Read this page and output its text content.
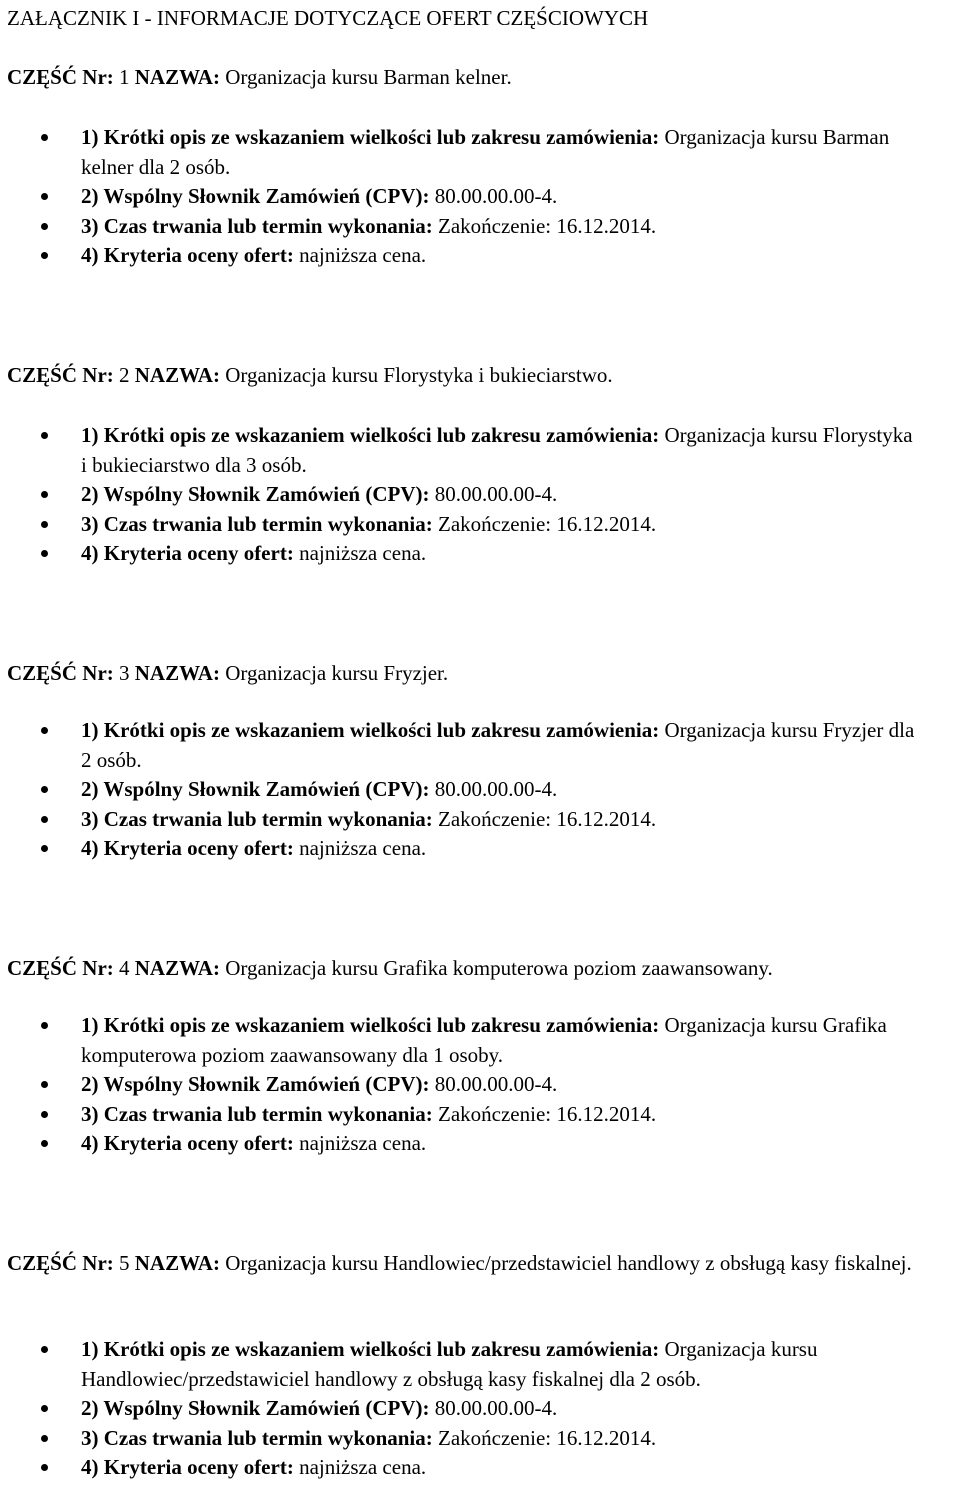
ZAŁĄCZNIK I - INFORMACJE DOTYCZĄCE OFERT CZĘŚCIOWYCH
CZĘŚĆ Nr: 1 NAZWA: Organizacja kursu Barman kelner.
1) Krótki opis ze wskazaniem wielkości lub zakresu zamówienia: Organizacja kursu Barman kelner dla 2 osób.
2) Wspólny Słownik Zamówień (CPV): 80.00.00.00-4.
3) Czas trwania lub termin wykonania: Zakończenie: 16.12.2014.
4) Kryteria oceny ofert: najniższa cena.
CZĘŚĆ Nr: 2 NAZWA: Organizacja kursu Florystyka i bukieciarstwo.
1) Krótki opis ze wskazaniem wielkości lub zakresu zamówienia: Organizacja kursu Florystyka i bukieciarstwo dla 3 osób.
2) Wspólny Słownik Zamówień (CPV): 80.00.00.00-4.
3) Czas trwania lub termin wykonania: Zakończenie: 16.12.2014.
4) Kryteria oceny ofert: najniższa cena.
CZĘŚĆ Nr: 3 NAZWA: Organizacja kursu Fryzjer.
1) Krótki opis ze wskazaniem wielkości lub zakresu zamówienia: Organizacja kursu Fryzjer dla 2 osób.
2) Wspólny Słownik Zamówień (CPV): 80.00.00.00-4.
3) Czas trwania lub termin wykonania: Zakończenie: 16.12.2014.
4) Kryteria oceny ofert: najniższa cena.
CZĘŚĆ Nr: 4 NAZWA: Organizacja kursu Grafika komputerowa poziom zaawansowany.
1) Krótki opis ze wskazaniem wielkości lub zakresu zamówienia: Organizacja kursu Grafika komputerowa poziom zaawansowany dla 1 osoby.
2) Wspólny Słownik Zamówień (CPV): 80.00.00.00-4.
3) Czas trwania lub termin wykonania: Zakończenie: 16.12.2014.
4) Kryteria oceny ofert: najniższa cena.
CZĘŚĆ Nr: 5 NAZWA: Organizacja kursu Handlowiec/przedstawiciel handlowy z obsługą kasy fiskalnej.
1) Krótki opis ze wskazaniem wielkości lub zakresu zamówienia: Organizacja kursu Handlowiec/przedstawiciel handlowy z obsługą kasy fiskalnej dla 2 osób.
2) Wspólny Słownik Zamówień (CPV): 80.00.00.00-4.
3) Czas trwania lub termin wykonania: Zakończenie: 16.12.2014.
4) Kryteria oceny ofert: najniższa cena.
